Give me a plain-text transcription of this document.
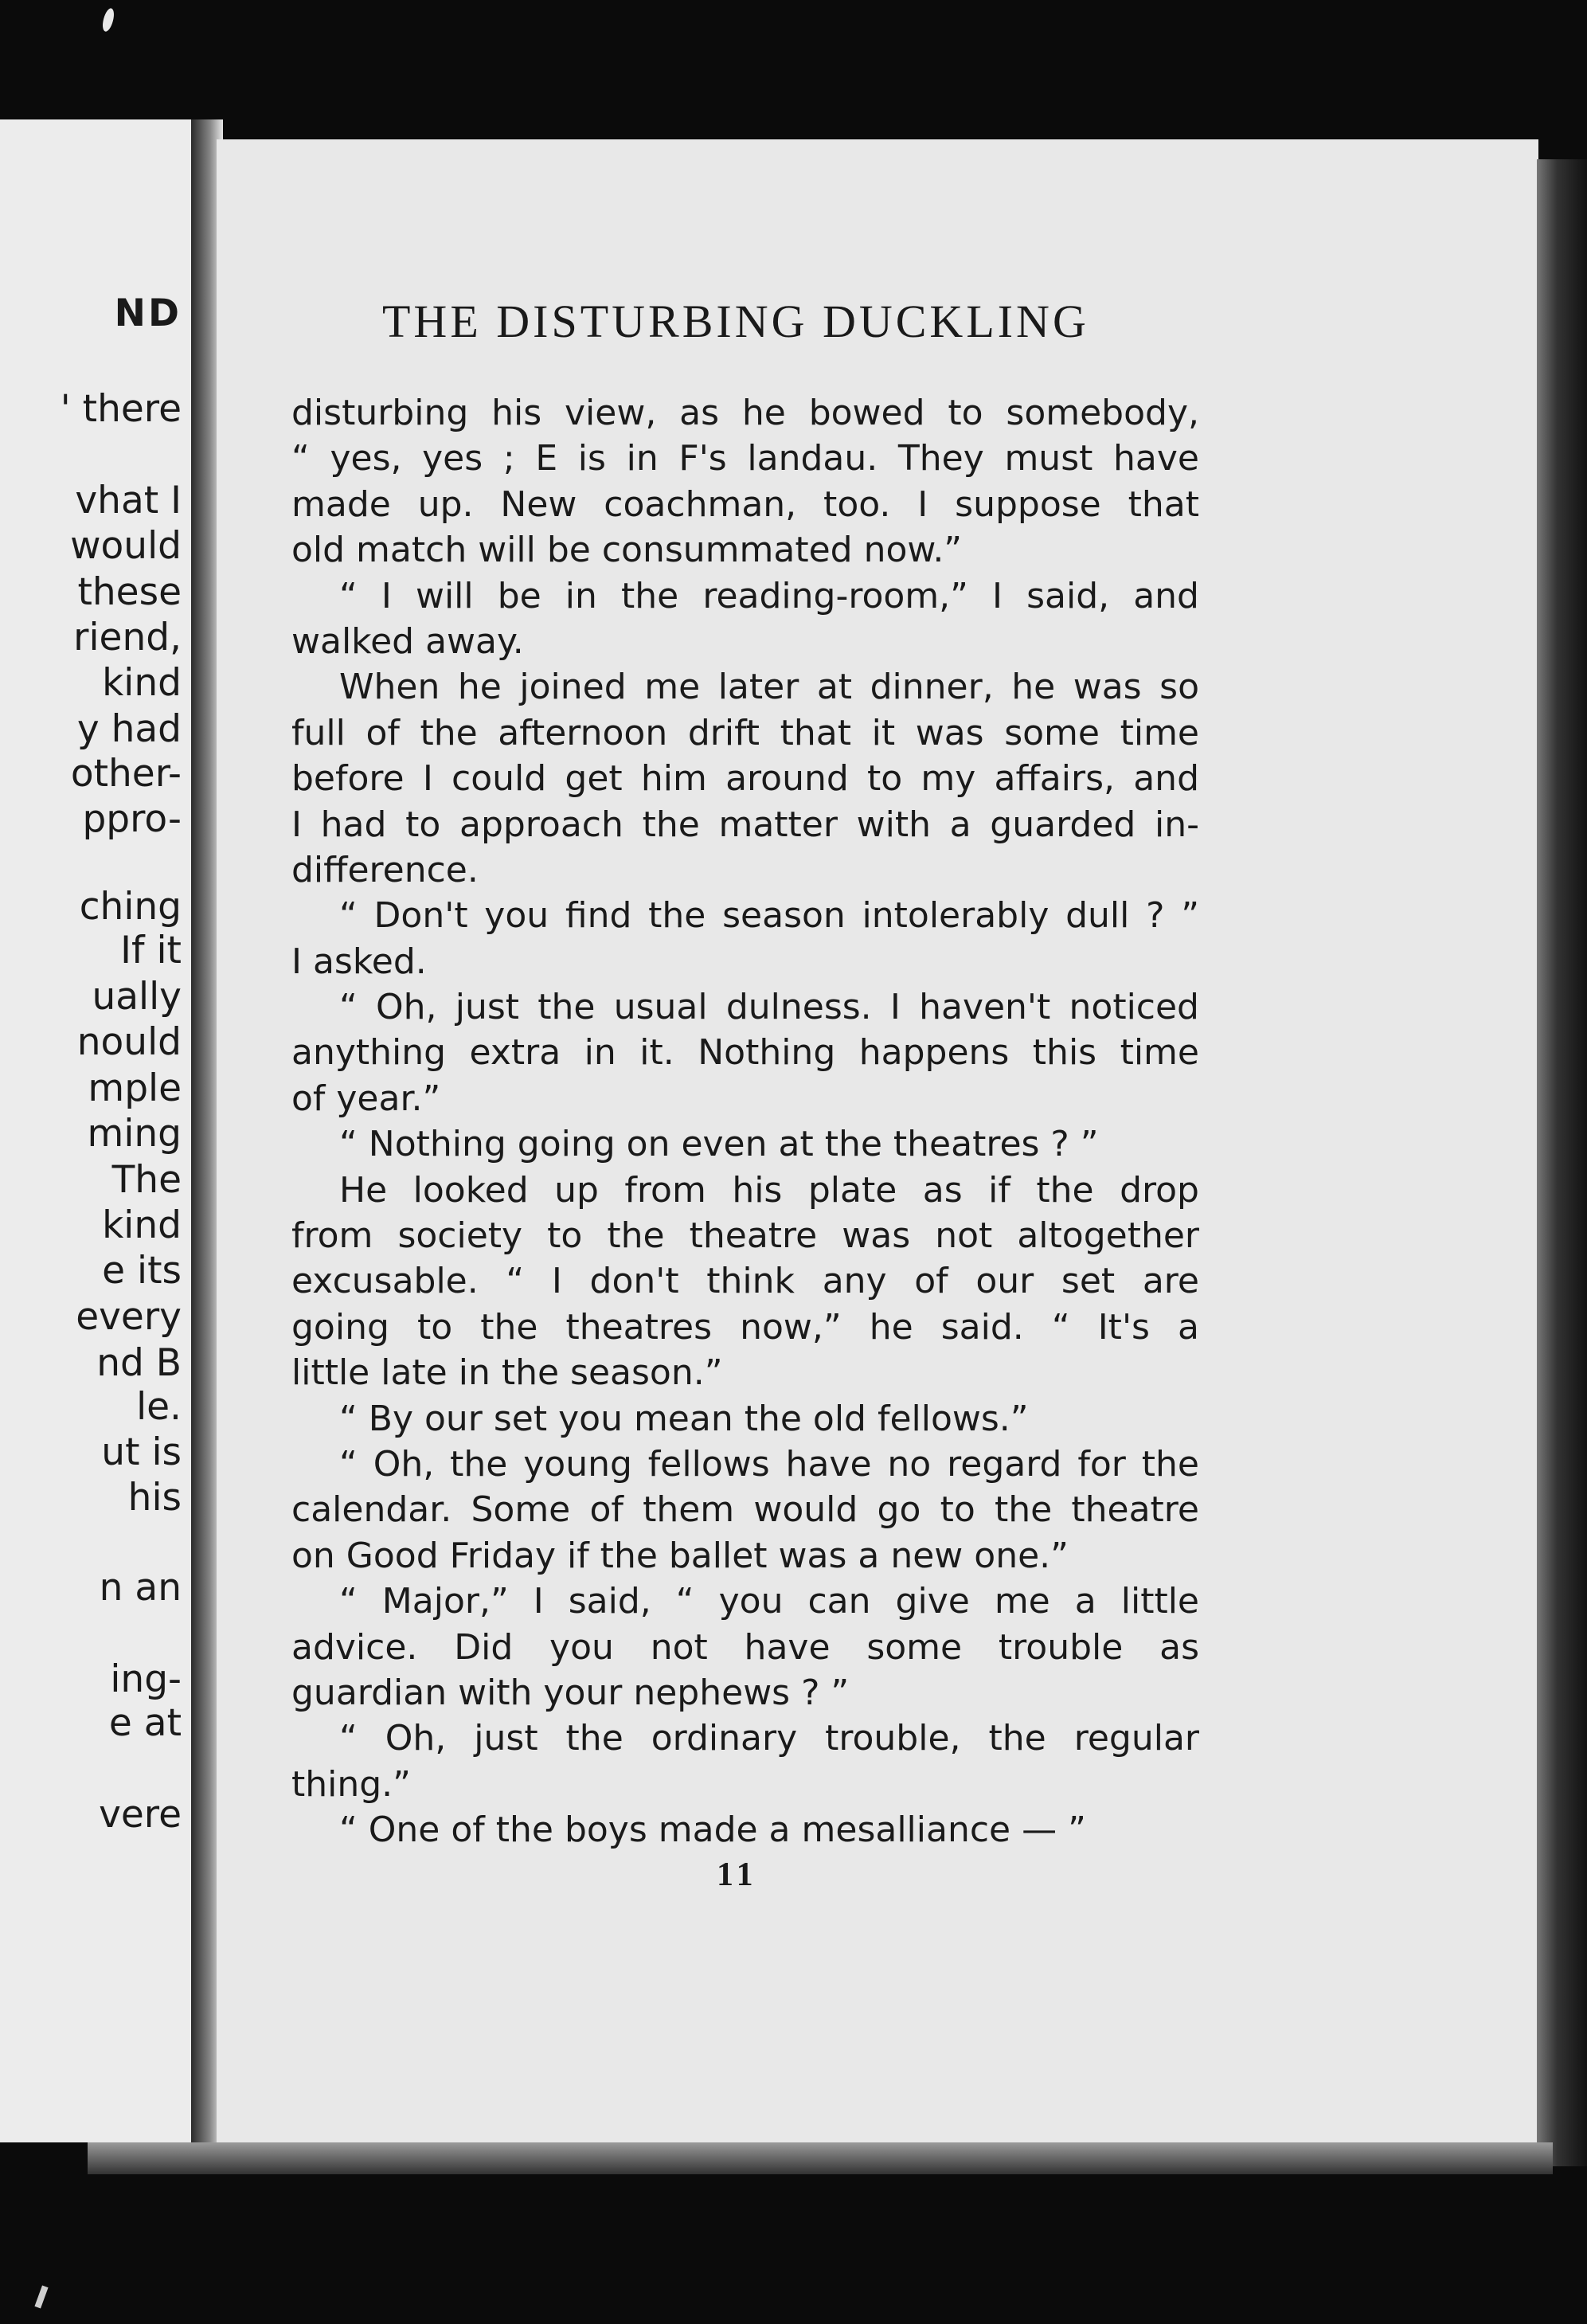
ND
' there
vhat I
would
these
riend,
kind
y had
other-
ppro-
ching
If it
ually
nould
mple
ming
The
kind
e its
every
nd B
le.
ut is
his
n an
ing-
e at
vere
THE DISTURBING DUCKLING
disturbing his view, as he bowed to somebody,
“ yes, yes ; E is in F's landau. They must have
made up. New coachman, too. I suppose that
old match will be consummated now.”
“ I will be in the reading-room,” I said, and
walked away.
When he joined me later at dinner, he was so
full of the afternoon drift that it was some time
before I could get him around to my affairs, and
I had to approach the matter with a guarded in-
difference.
“ Don't you find the season intolerably dull ? ”
I asked.
“ Oh, just the usual dulness. I haven't noticed
anything extra in it. Nothing happens this time
of year.”
“ Nothing going on even at the theatres ? ”
He looked up from his plate as if the drop
from society to the theatre was not altogether
excusable. “ I don't think any of our set are
going to the theatres now,” he said. “ It's a
little late in the season.”
“ By our set you mean the old fellows.”
“ Oh, the young fellows have no regard for the
calendar. Some of them would go to the theatre
on Good Friday if the ballet was a new one.”
“ Major,” I said, “ you can give me a little
advice. Did you not have some trouble as
guardian with your nephews ? ”
“ Oh, just the ordinary trouble, the regular
thing.”
“ One of the boys made a mesalliance — ”
11
